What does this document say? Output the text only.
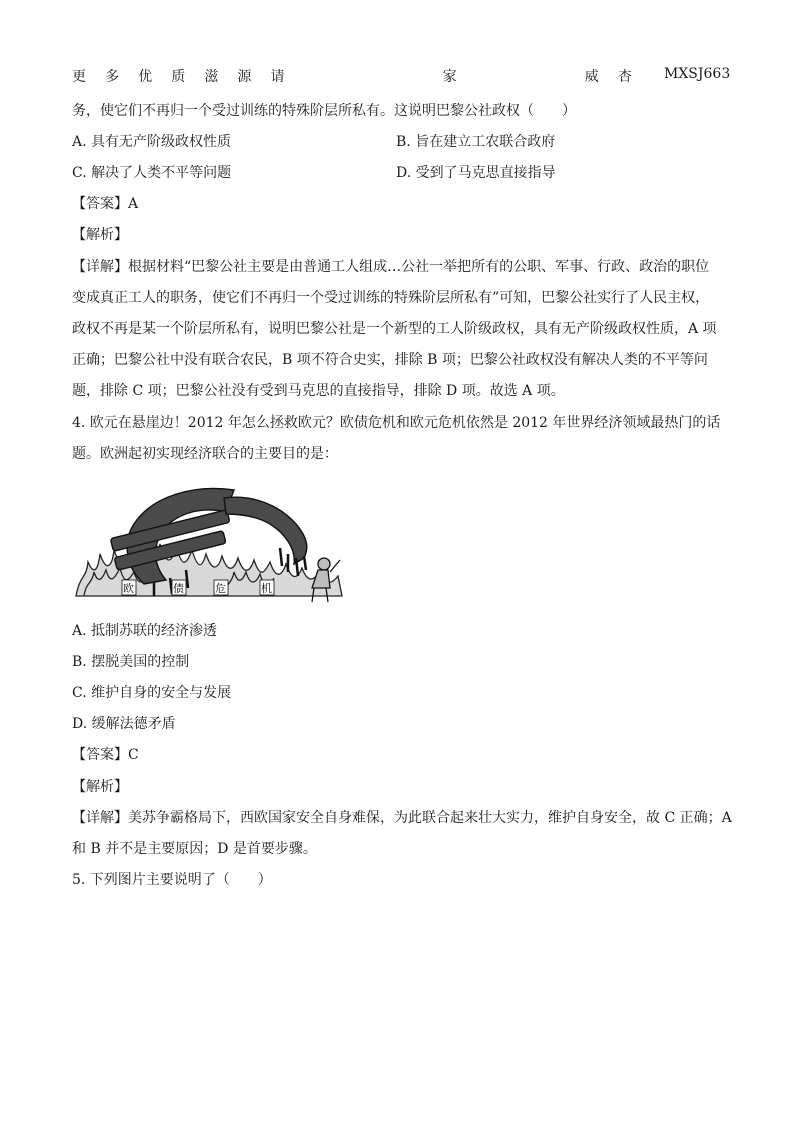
更 多 优 质 滋 源 请	家	威 杏 MXSJ663
务，使它们不再归一个受过训练的特殊阶层所私有。这说明巴黎公社政权（　　）
A. 具有无产阶级政权性质	B. 旨在建立工农联合政府
C. 解决了人类不平等问题	D. 受到了马克思直接指导
【答案】A
【解析】
【详解】根据材料“巴黎公社主要是由普通工人组成…公社一举把所有的公职、军事、行政、政治的职位
变成真正工人的职务，使它们不再归一个受过训练的特殊阶层所私有”可知，巴黎公社实行了人民主权，
政权不再是某一个阶层所私有，说明巴黎公社是一个新型的工人阶级政权，具有无产阶级政权性质，A 项
正确；巴黎公社中没有联合农民，B 项不符合史实，排除 B 项；巴黎公社政权没有解决人类的不平等问
题，排除 C 项；巴黎公社没有受到马克思的直接指导，排除 D 项。故选 A 项。
4. 欧元在悬崖边！2012 年怎么拯救欧元？欧债危机和欧元危机依然是 2012 年世界经济领域最热门的话
题。欧洲起初实现经济联合的主要目的是：
欧	债	危	机
A. 抵制苏联的经济渗透
B. 摆脱美国的控制
C. 维护自身的安全与发展
D. 缓解法德矛盾
【答案】C
【解析】
【详解】美苏争霸格局下，西欧国家安全自身难保，为此联合起来壮大实力，维护自身安全，故 C 正确；A
和 B 并不是主要原因；D 是首要步骤。
5. 下列图片主要说明了（　　）
